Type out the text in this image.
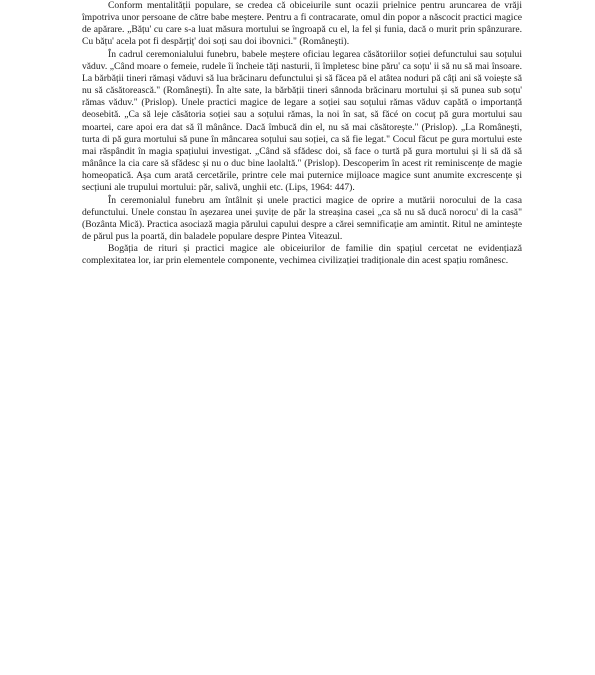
Conform mentalității populare, se credea că obiceiurile sunt ocazii prielnice pentru aruncarea de vrăji împotriva unor persoane de către babe meștere. Pentru a fi contracarate, omul din popor a născocit practici magice de apărare. „Bățu' cu care s-a luat măsura mortului se îngroapă cu el, la fel și funia, dacă o murit prin spânzurare. Cu bățu' acela pot fi despărțiț' doi soți sau doi ibovnici." (Româneşti).

În cadrul ceremonialului funebru, babele meștere oficiau legarea căsătoriilor soției defunctului sau soțului văduv. „Când moare o femeie, rudele îi încheie tăți nasturii, îi împletesc bine păru' ca soțu' ii să nu să mai însoare. La bărbății tineri rămași văduvi să lua brăcinaru defunctului și să făcea pă el atâtea noduri pă câți ani să voiește să nu să căsătorească." (Româneşti). În alte sate, la bărbății tineri sânnoda brăcinaru mortului și să punea sub soțu' rămas văduv." (Prislop). Unele practici magice de legare a soției sau soțului rămas văduv capătă o importanță deosebită. „Ca să leje căsătoria soției sau a soțului rămas, la noi în sat, să făcé on cocuț pă gura mortului sau moartei, care apoi era dat să îl mânânce. Dacă îmbucă din el, nu să mai căsătorește." (Prislop). „La Româneşti, turta di pă gura mortului să pune în mâncarea soțului sau soției, ca să fie legat." Cocul făcut pe gura mortului este mai răspândit în magia spațiului investigat. „Când să sfădesc doi, să face o turtă pă gura mortului și li să dă să mânânce la cia care să sfădesc și nu o duc bine laolaltă." (Prislop). Descoperim în acest rit reminiscențe de magie homeopatică. Așa cum arată cercetările, printre cele mai puternice mijloace magice sunt anumite excrescențe și secțiuni ale trupului mortului: păr, salivă, unghii etc. (Lips, 1964: 447).

În ceremonialul funebru am întâlnit și unele practici magice de oprire a mutării norocului de la casa defunctului. Unele constau în așezarea unei șuvițe de păr la streașina casei „ca să nu să ducă norocu' di la casă" (Bozânta Mică). Practica asociază magia părului capului despre a cărei semnificație am amintit. Ritul ne amintește de părul pus la poartă, din baladele populare despre Pintea Viteazul.

Bogăția de rituri și practici magice ale obiceiurilor de familie din spațiul cercetat ne evidențiază complexitatea lor, iar prin elementele componente, vechimea civilizației tradiționale din acest spațiu românesc.
